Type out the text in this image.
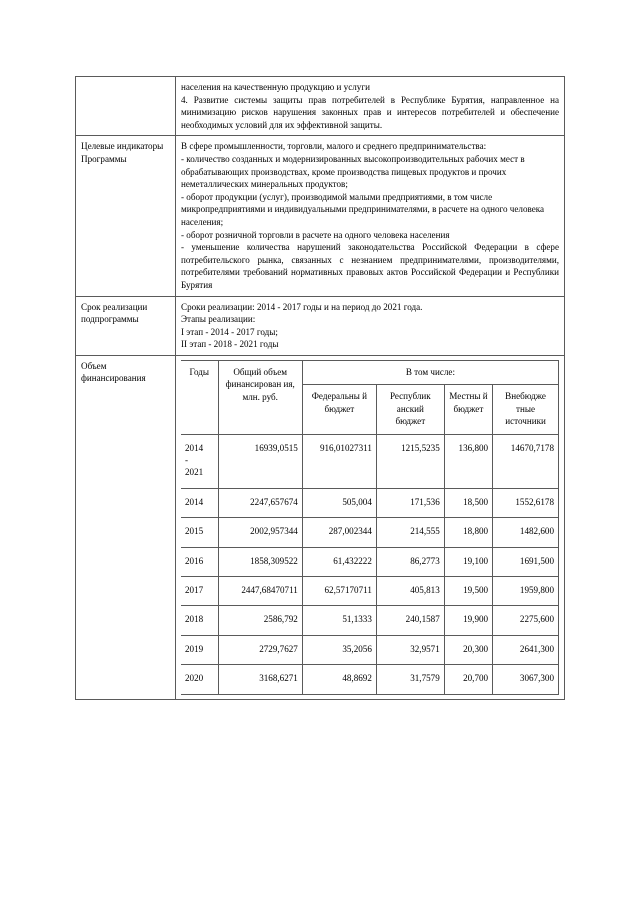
населения на качественную продукцию и услуги
4. Развитие системы защиты прав потребителей в Республике Бурятия, направленное на минимизацию рисков нарушения законных прав и интересов потребителей и обеспечение необходимых условий для их эффективной защиты.

Целевые индикаторы Программы	
В сфере промышленности, торговли, малого и среднего предпринимательства:
- количество созданных и модернизированных высокопроизводительных рабочих мест в обрабатывающих производствах, кроме производства пищевых продуктов и прочих неметаллических минеральных продуктов;
- оборот продукции (услуг), производимой малыми предприятиями, в том числе микропредприятиями и индивидуальными предпринимателями, в расчете на одного человека населения;
- оборот розничной торговли в расчете на одного человека населения
- уменьшение количества нарушений законодательства Российской Федерации в сфере потребительского рынка, связанных с незнанием предпринимателями, производителями, потребителями требований нормативных правовых актов Российской Федерации и Республики Бурятия

Срок реализации подпрограммы	
Сроки реализации: 2014 - 2017 годы и на период до 2021 года.
Этапы реализации:
I этап - 2014 - 2017 годы;
II этап - 2018 - 2021 годы

Объем финансирования	
Годы	Общий объем финансирован ия, млн. руб.	В том числе:
Федеральны й бюджет	Республик анский бюджет	Местны й бюджет	Внебюдже тные источники
2014
-
2021	16939,0515	916,01027311	1215,5235	136,800	14670,7178
2014	2247,657674	505,004	171,536	18,500	1552,6178
2015	2002,957344	287,002344	214,555	18,800	1482,600
2016	1858,309522	61,432222	86,2773	19,100	1691,500
2017	2447,68470711	62,57170711	405,813	19,500	1959,800
2018	2586,792	51,1333	240,1587	19,900	2275,600
2019	2729,7627	35,2056	32,9571	20,300	2641,300
2020	3168,6271	48,8692	31,7579	20,700	3067,300
